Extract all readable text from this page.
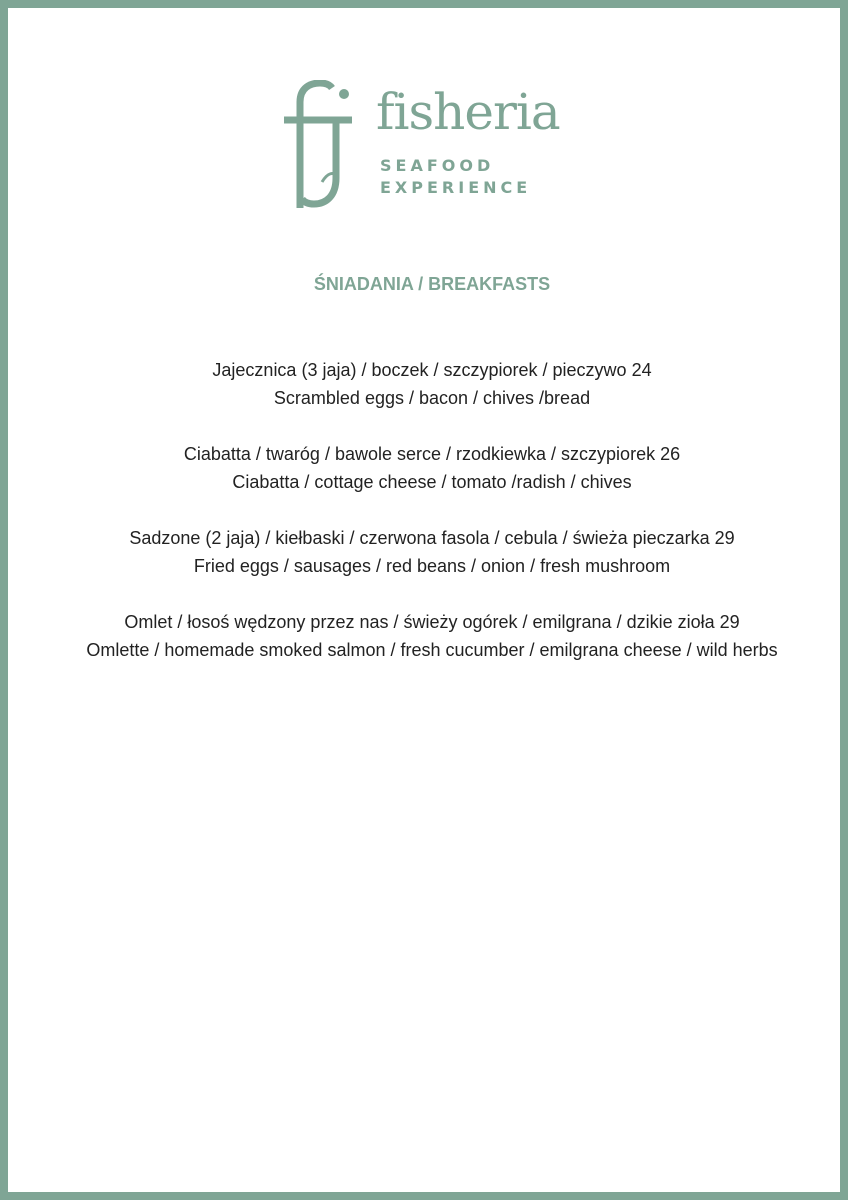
fisheria
SEAFOOD
EXPERIENCE
ŚNIADANIA / BREAKFASTS
Jajecznica (3 jaja) / boczek / szczypiorek / pieczywo 24
Scrambled eggs / bacon / chives /bread
Ciabatta / twaróg / bawole serce / rzodkiewka / szczypiorek 26
Ciabatta / cottage cheese / tomato /radish / chives
Sadzone (2 jaja) / kiełbaski / czerwona fasola / cebula / świeża pieczarka 29
Fried eggs / sausages / red beans / onion / fresh mushroom
Omlet / łosoś wędzony przez nas / świeży ogórek / emilgrana / dzikie zioła 29
Omlette / homemade smoked salmon / fresh cucumber / emilgrana cheese / wild herbs
